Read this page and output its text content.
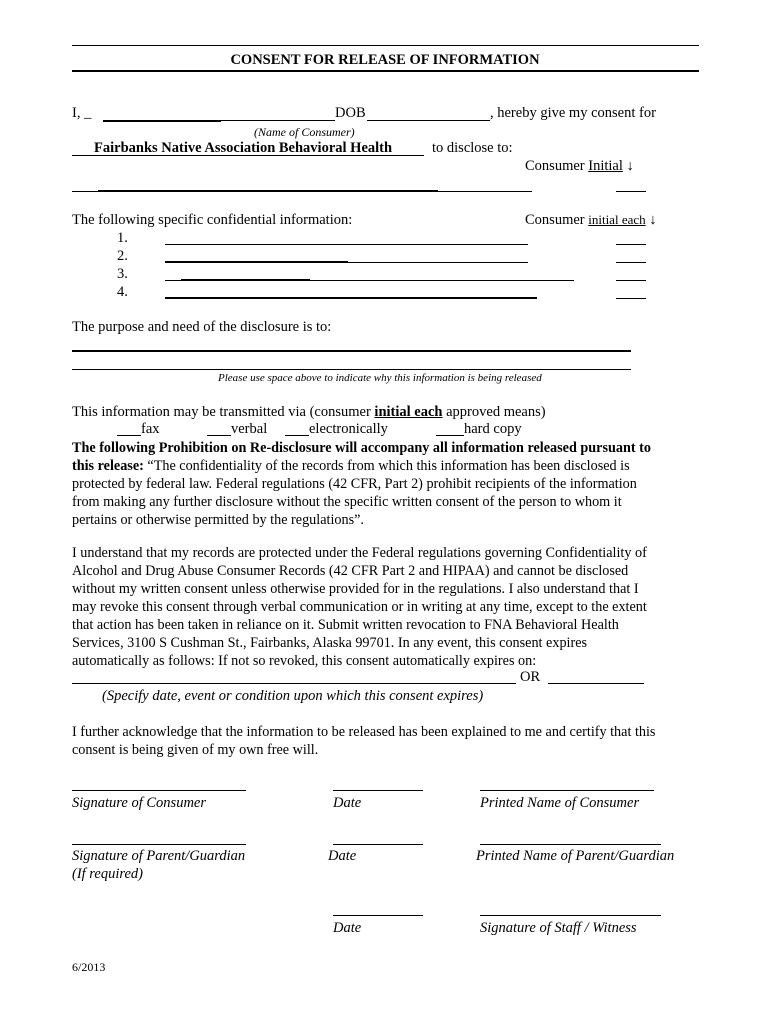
CONSENT FOR RELEASE OF INFORMATION
I, _	DOB	, hereby give my consent for
(Name of Consumer)
Fairbanks Native Association Behavioral Health	to disclose to:
Consumer Initial ↓
The following specific confidential information:	Consumer initial each ↓
1.
2.
3.
4.
The purpose and need of the disclosure is to:
Please use space above to indicate why this information is being released
This information may be transmitted via (consumer initial each approved means)
fax	verbal	electronically	hard copy
The following Prohibition on Re-disclosure will accompany all information released pursuant to
this release: “The confidentiality of the records from which this information has been disclosed is
protected by federal law. Federal regulations (42 CFR, Part 2) prohibit recipients of the information
from making any further disclosure without the specific written consent of the person to whom it
pertains or otherwise permitted by the regulations”.
I understand that my records are protected under the Federal regulations governing Confidentiality of
Alcohol and Drug Abuse Consumer Records (42 CFR Part 2 and HIPAA) and cannot be disclosed
without my written consent unless otherwise provided for in the regulations. I also understand that I
may revoke this consent through verbal communication or in writing at any time, except to the extent
that action has been taken in reliance on it. Submit written revocation to FNA Behavioral Health
Services, 3100 S Cushman St., Fairbanks, Alaska 99701. In any event, this consent expires
automatically as follows: If not so revoked, this consent automatically expires on:
OR
(Specify date, event or condition upon which this consent expires)
I further acknowledge that the information to be released has been explained to me and certify that this
consent is being given of my own free will.
Signature of Consumer	Date	Printed Name of Consumer
Signature of Parent/Guardian
(If required)
Date	Printed Name of Parent/Guardian
Date	Signature of Staff / Witness
6/2013
